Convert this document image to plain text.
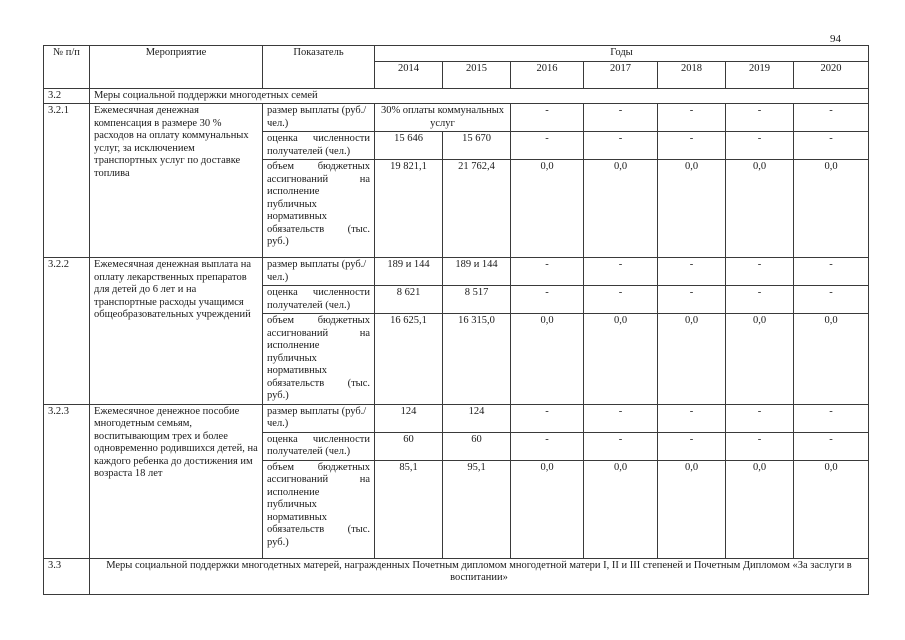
94
№ п/п	Мероприятие	Показатель	Годы						
			2014	2015	2016	2017	2018	2019	2020
3.2	Меры социальной поддержки многодетных семей								
3.2.1	Ежемесячная денежная компенсация в размере 30 % расходов на оплату коммунальных услуг, за исключением транспортных услуг по доставке топлива	размер выплаты (руб./ чел.)	30% оплаты коммунальных услуг		-	-	-	-	-
		оценка численности получателей (чел.)	15 646	15 670	-	-	-	-	-
		объем бюджетных ассигнований на исполнение публичных нормативных обязательств (тыс. руб.)	19 821,1	21 762,4	0,0	0,0	0,0	0,0	0,0
3.2.2	Ежемесячная денежная выплата на оплату лекарственных препаратов для детей до 6 лет и на транспортные расходы учащимся общеобразовательных учреждений	размер выплаты (руб./ чел.)	189 и 144	189 и 144	-	-	-	-	-
		оценка численности получателей (чел.)	8 621	8 517	-	-	-	-	-
		объем бюджетных ассигнований на исполнение публичных нормативных обязательств (тыс. руб.)	16 625,1	16 315,0	0,0	0,0	0,0	0,0	0,0
3.2.3	Ежемесячное денежное пособие многодетным семьям, воспитывающим трех и более одновременно родившихся детей, на каждого ребенка до достижения им возраста 18 лет	размер выплаты (руб./ чел.)	124	124	-	-	-	-	-
		оценка численности получателей (чел.)	60	60	-	-	-	-	-
		объем бюджетных ассигнований на исполнение публичных нормативных обязательств (тыс. руб.)	85,1	95,1	0,0	0,0	0,0	0,0	0,0
3.3	Меры социальной поддержки многодетных матерей, награжденных Почетным дипломом многодетной матери I, II и III степеней и Почетным Дипломом «За заслуги в воспитании»								
